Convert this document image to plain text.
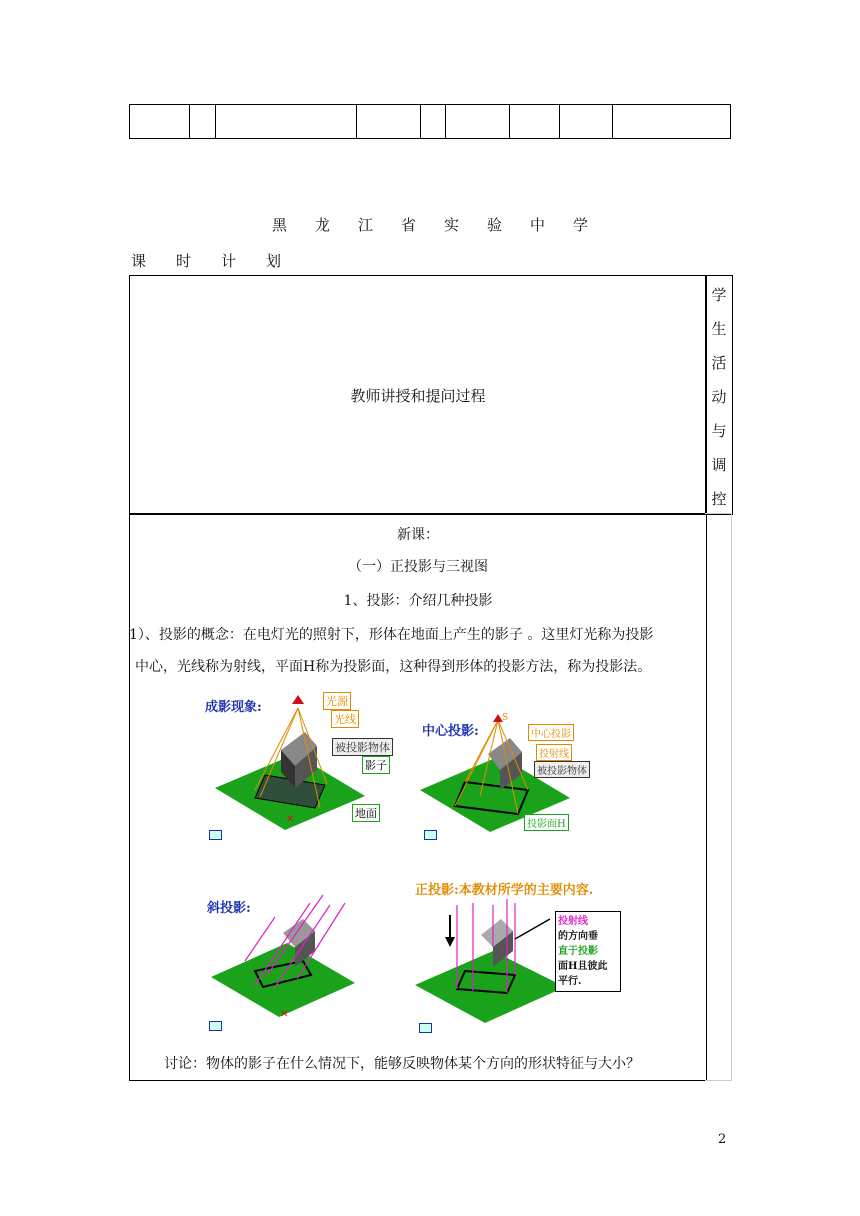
黑 龙 江 省 实 验 中 学
课 时 计 划
教师讲授和提问过程
学
生
活
动
与
调
控
新课：
（一）正投影与三视图
1、投影：介绍几种投影
1）、投影的概念：在电灯光的照射下，形体在地面上产生的影子 。这里灯光称为投影
中心，光线称为射线，平面H称为投影面，这种得到形体的投影方法，称为投影法。
✕
成影现象:	光源
光线
被投影物体
影子
地面
S
中心投影:	中心投影
投射线
被投影物体
投影面H
✕
斜投影:
正投影:本教材所学的主要内容.
投射线
的方向垂
直于投影
面H且彼此
平行.
讨论：物体的影子在什么情况下，能够反映物体某个方向的形状特征与大小？
2
